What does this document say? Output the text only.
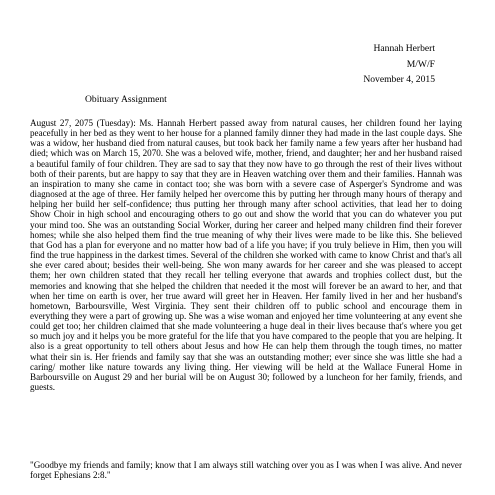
Hannah Herbert
M/W/F
November 4, 2015
Obituary Assignment
August 27, 2075 (Tuesday): Ms. Hannah Herbert passed away from natural causes, her children found her laying peacefully in her bed as they went to her house for a planned family dinner they had made in the last couple days. She was a widow, her husband died from natural causes, but took back her family name a few years after her husband had died; which was on March 15, 2070. She was a beloved wife, mother, friend, and daughter; her and her husband raised a beautiful family of four children. They are sad to say that they now have to go through the rest of their lives without both of their parents, but are happy to say that they are in Heaven watching over them and their families. Hannah was an inspiration to many she came in contact too; she was born with a severe case of Asperger's Syndrome and was diagnosed at the age of three. Her family helped her overcome this by putting her through many hours of therapy and helping her build her self-confidence; thus putting her through many after school activities, that lead her to doing Show Choir in high school and encouraging others to go out and show the world that you can do whatever you put your mind too. She was an outstanding Social Worker, during her career and helped many children find their forever homes; while she also helped them find the true meaning of why their lives were made to be like this. She believed that God has a plan for everyone and no matter how bad of a life you have; if you truly believe in Him, then you will find the true happiness in the darkest times. Several of the children she worked with came to know Christ and that's all she ever cared about; besides their well-being. She won many awards for her career and she was pleased to accept them; her own children stated that they recall her telling everyone that awards and trophies collect dust, but the memories and knowing that she helped the children that needed it the most will forever be an award to her, and that when her time on earth is over, her true award will greet her in Heaven. Her family lived in her and her husband's hometown, Barboursville, West Virginia. They sent their children off to public school and encourage them in everything they were a part of growing up. She was a wise woman and enjoyed her time volunteering at any event she could get too; her children claimed that she made volunteering a huge deal in their lives because that's where you get so much joy and it helps you be more grateful for the life that you have compared to the people that you are helping. It also is a great opportunity to tell others about Jesus and how He can help them through the tough times, no matter what their sin is. Her friends and family say that she was an outstanding mother; ever since she was little she had a caring/ mother like nature towards any living thing. Her viewing will be held at the Wallace Funeral Home in Barboursville on August 29 and her burial will be on August 30; followed by a luncheon for her family, friends, and guests.
"Goodbye my friends and family; know that I am always still watching over you as I was when I was alive. And never forget Ephesians 2:8."
